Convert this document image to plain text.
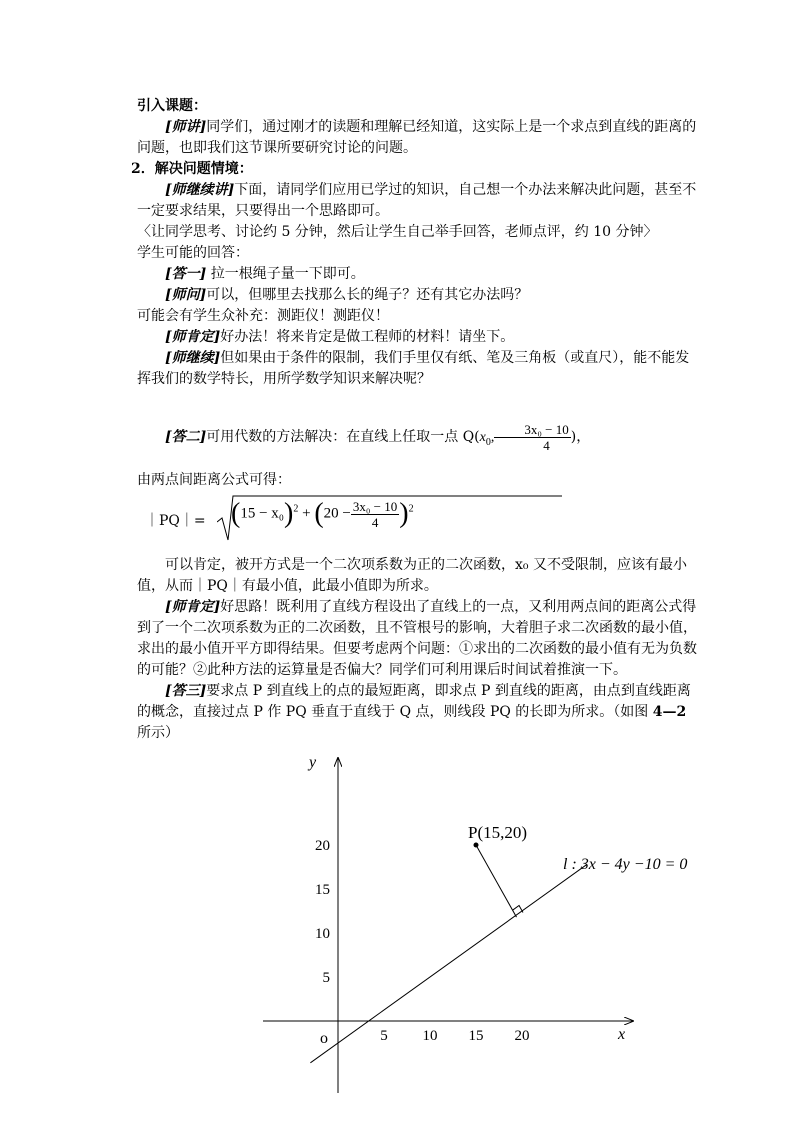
引入课题：

[师讲]同学们，通过刚才的读题和理解已经知道，这实际上是一个求点到直线的距离的问题，也即我们这节课所要研究讨论的问题。

2．解决问题情境：

[师继续讲]下面，请同学们应用已学过的知识，自己想一个办法来解决此问题，甚至不一定要求结果，只要得出一个思路即可。

〈让同学思考、讨论约 5 分钟，然后让学生自己举手回答，老师点评，约 10 分钟〉

学生可能的回答：

[答一] 拉一根绳子量一下即可。

[师问]可以，但哪里去找那么长的绳子？还有其它办法吗？

可能会有学生众补充：测距仪！测距仪！

[师肯定]好办法！将来肯定是做工程师的材料！请坐下。

[师继续]但如果由于条件的限制，我们手里仅有纸、笔及三角板（或直尺），能不能发挥我们的数学特长，用所学数学知识来解决呢？

[答二]可用代数的方法解决：在直线上任取一点 $Q(x_0$, $\frac{\text{3x₀ − 10}}{4}$ )，

由两点间距离公式可得：

｜PQ｜= $(15 - x_0)^2 + (20 - \frac{\text{3x₀ − 10}}{4} )^2$

可以肯定，被开方式是一个二次项系数为正的二次函数，x₀ 又不受限制，应该有最小值，从而｜PQ｜有最小值，此最小值即为所求。

[师肯定]好思路！既利用了直线方程设出了直线上的一点，又利用两点间的距离公式得到了一个二次项系数为正的二次函数，且不管根号的影响，大着胆子求二次函数的最小值，求出的最小值开平方即得结果。但要考虑两个问题：①求出的二次函数的最小值有无为负数的可能？②此种方法的运算量是否偏大？同学们可利用课后时间试着推演一下。

[答三]要求点 P 到直线上的点的最短距离，即求点 P 到直线的距离，由点到直线距离的概念，直接过点 P 作 PQ 垂直于直线于 Q 点，则线段 PQ 的长即为所求。（如图 4—2 所示）

y
x
o	5 10 15 20
5
10
15
20
P(15,20)
l : 3x − 4y −10 = 0
